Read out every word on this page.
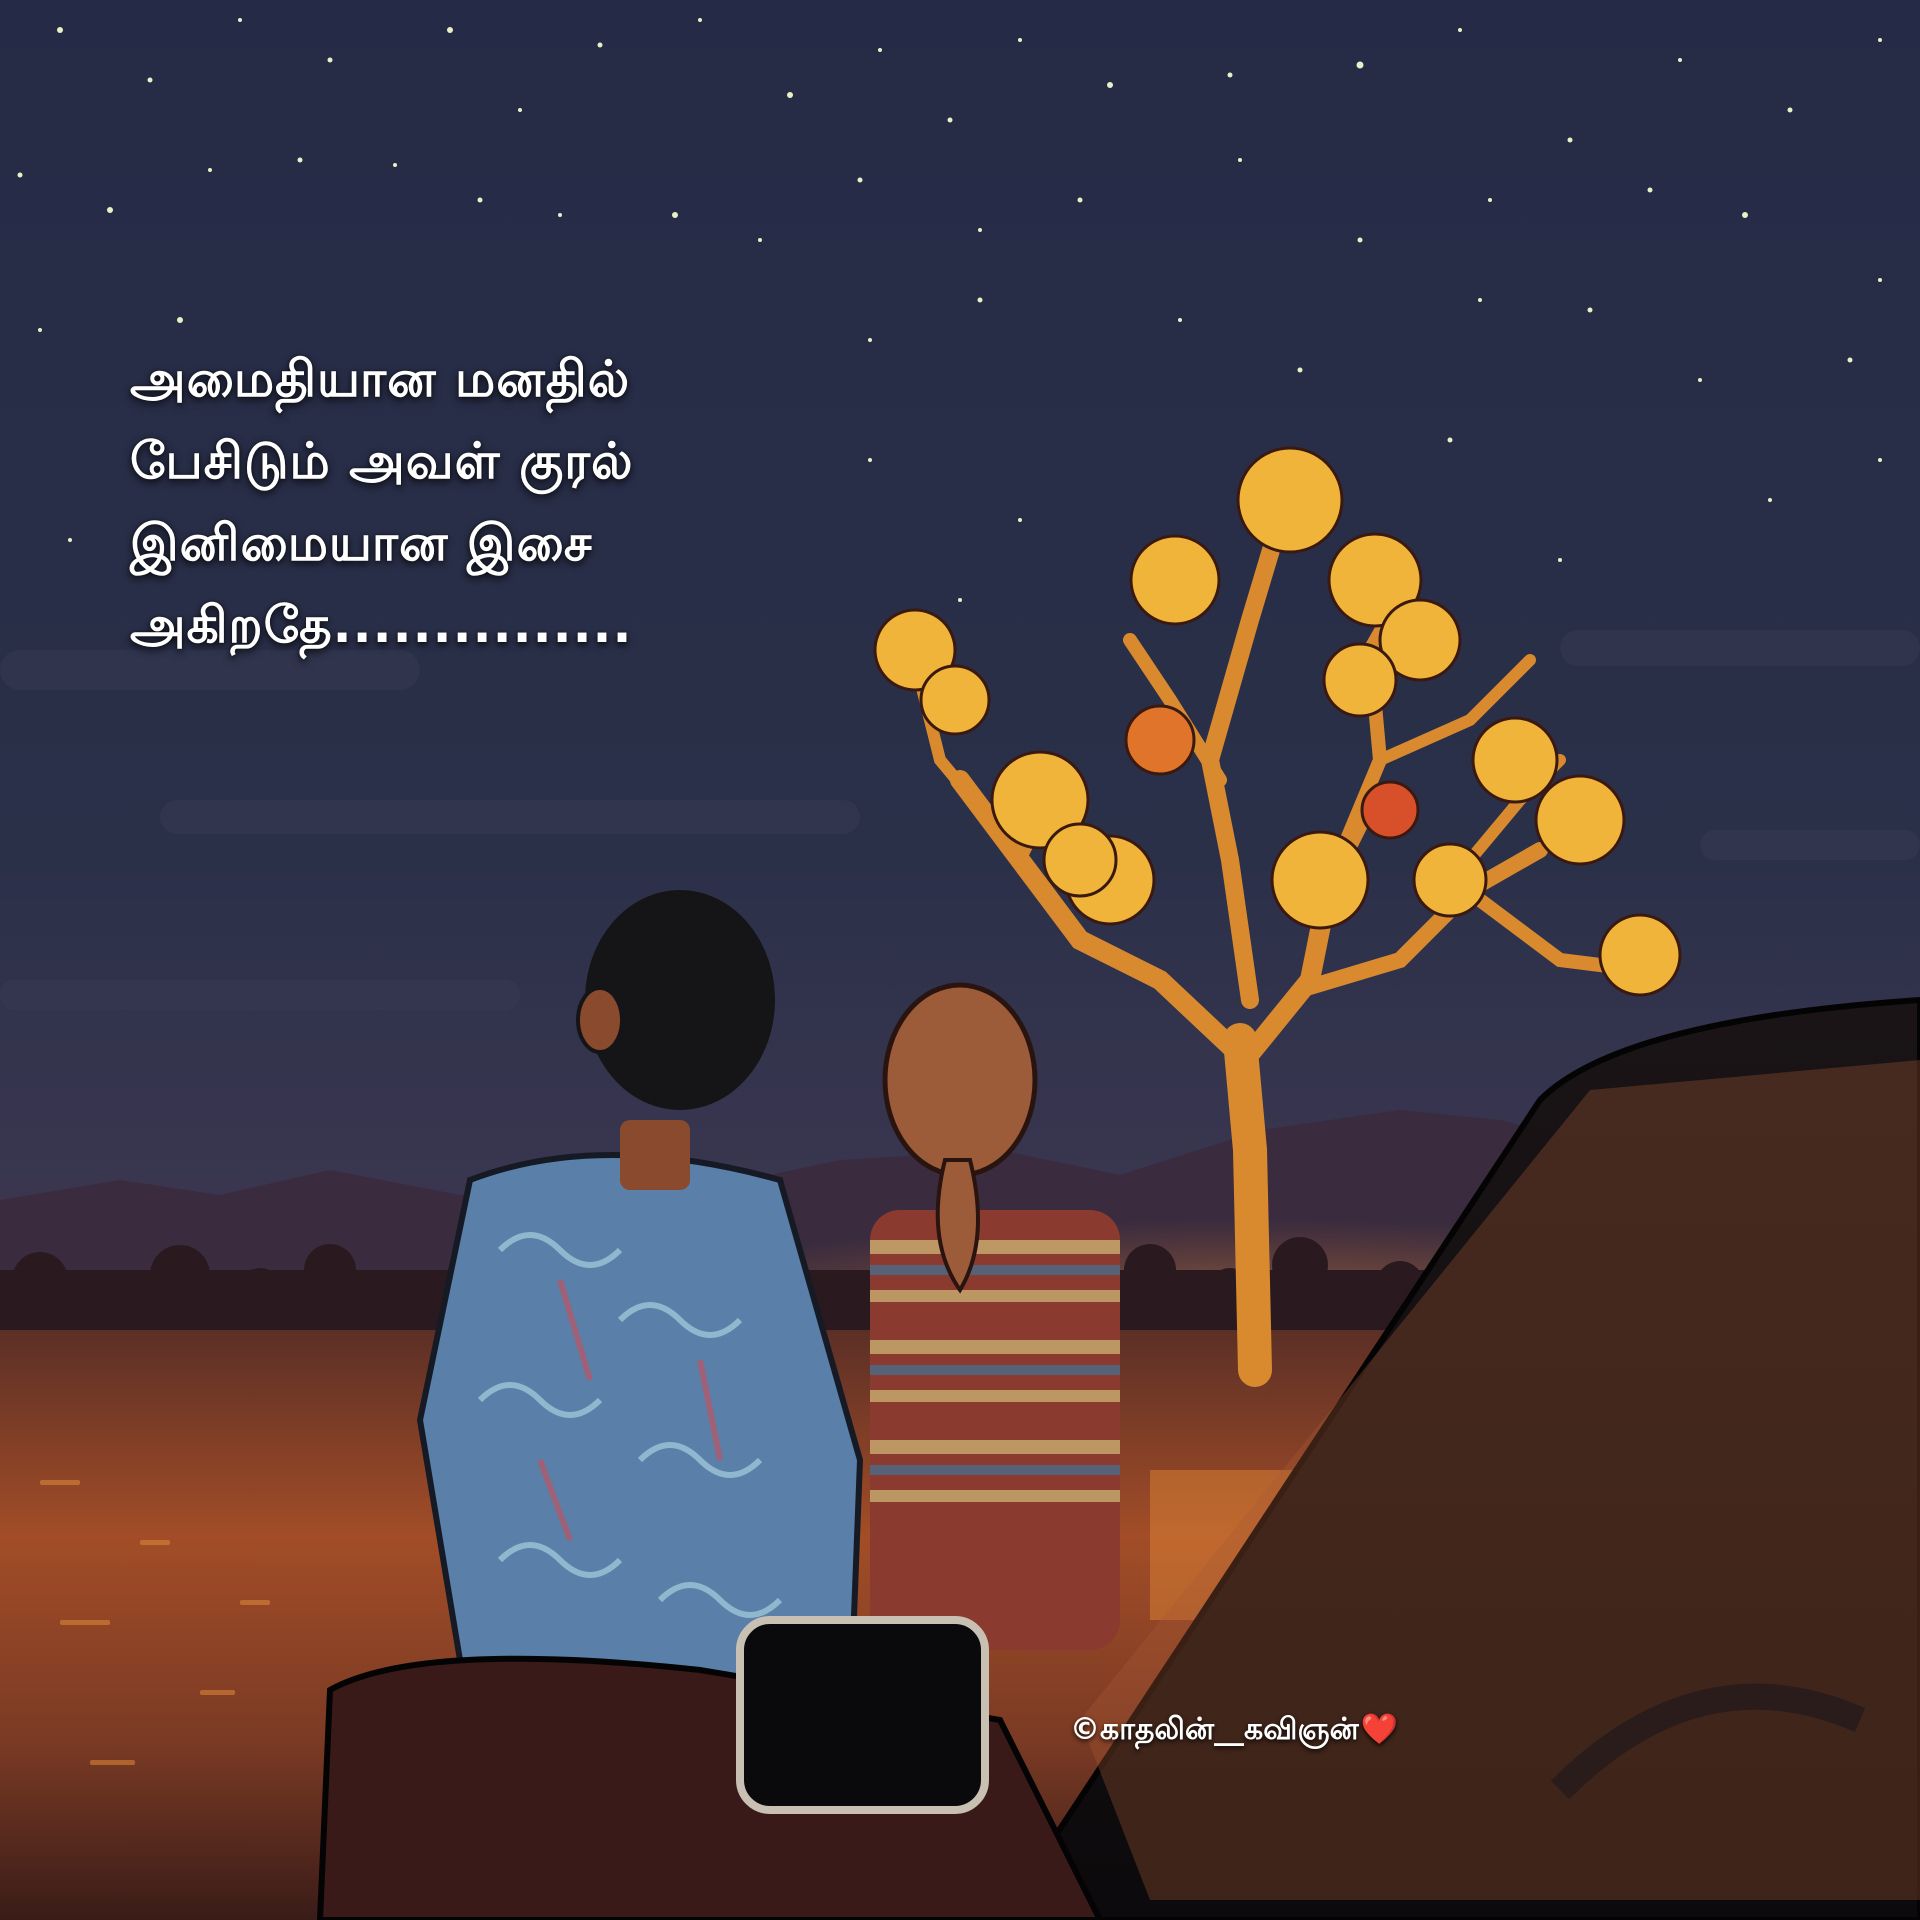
அமைதியான மனதில்
பேசிடும் அவள் குரல்
இனிமையான இசை
அகிறதே...............
©காதலின்__கவிஞன்❤️
